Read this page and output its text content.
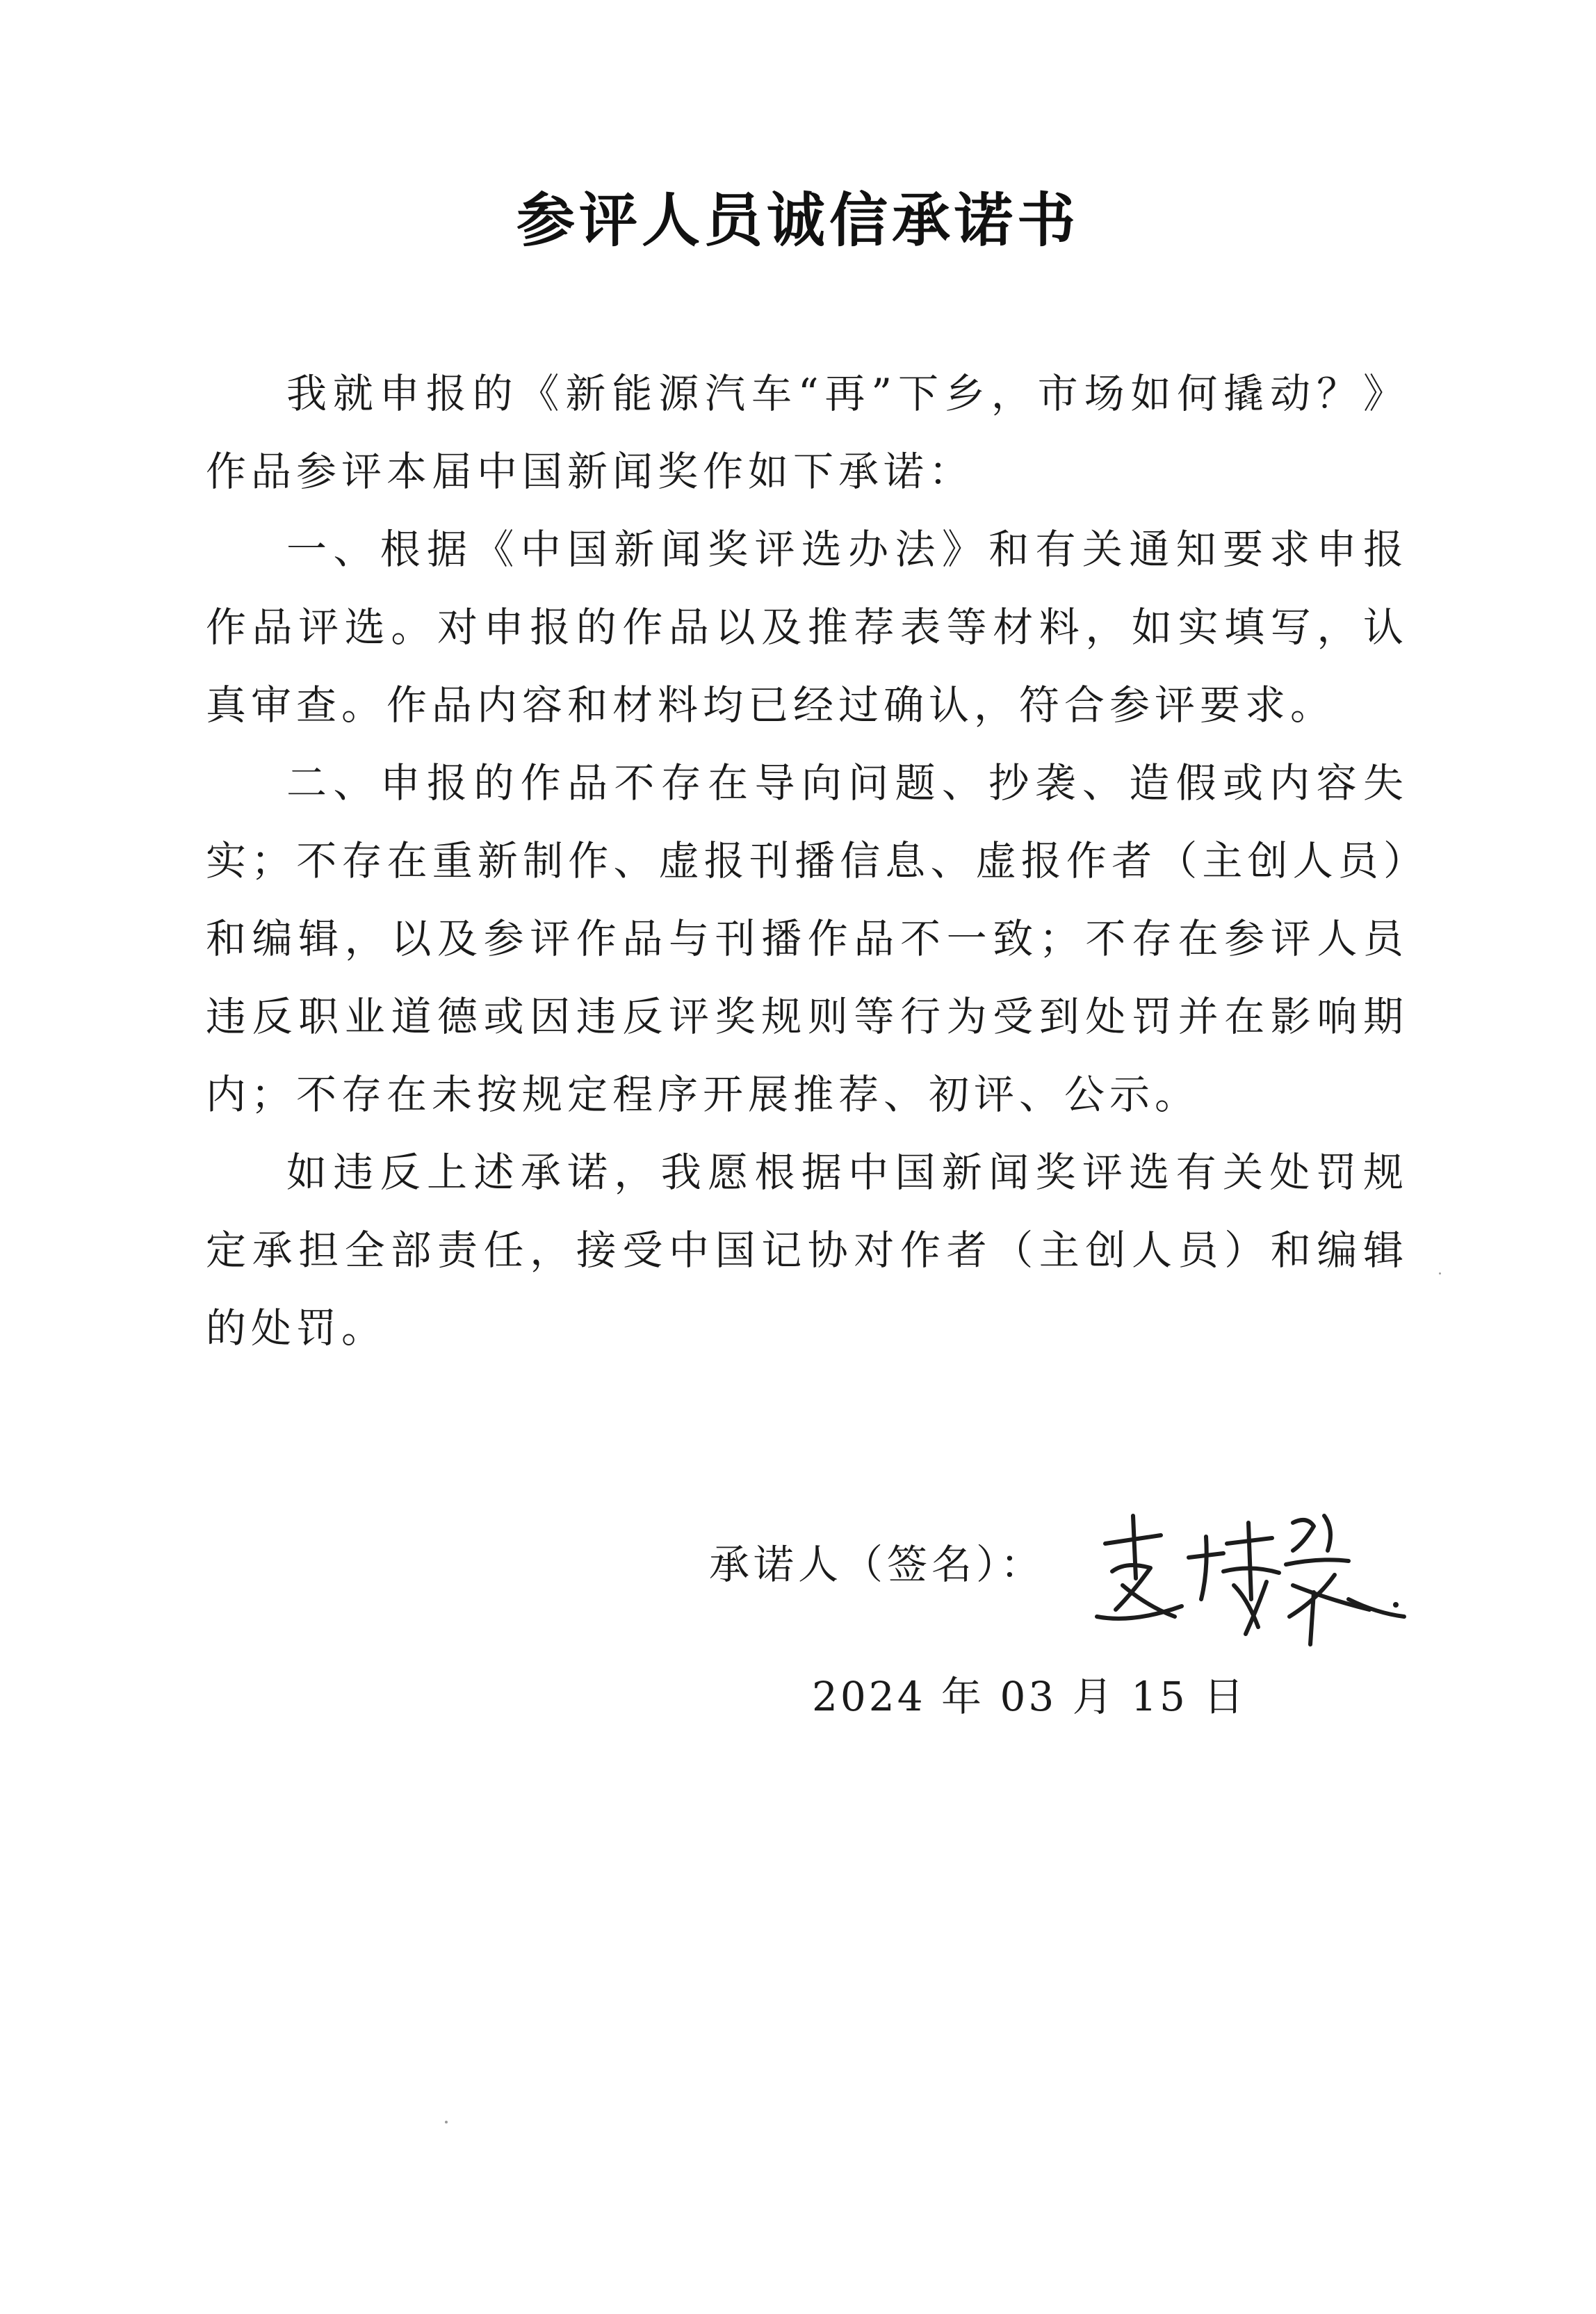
参评人员诚信承诺书

我就申报的《新能源汽车“再”下乡，市场如何撬动？》作品参评本届中国新闻奖作如下承诺：

一、根据《中国新闻奖评选办法》和有关通知要求申报作品评选。对申报的作品以及推荐表等材料，如实填写，认真审查。作品内容和材料均已经过确认，符合参评要求。

二、申报的作品不存在导向问题、抄袭、造假或内容失实；不存在重新制作、虚报刊播信息、虚报作者（主创人员）和编辑，以及参评作品与刊播作品不一致；不存在参评人员违反职业道德或因违反评奖规则等行为受到处罚并在影响期内；不存在未按规定程序开展推荐、初评、公示。

如违反上述承诺，我愿根据中国新闻奖评选有关处罚规定承担全部责任，接受中国记协对作者（主创人员）和编辑的处罚。

承诺人（签名）：
2024 年 03 月 15 日
